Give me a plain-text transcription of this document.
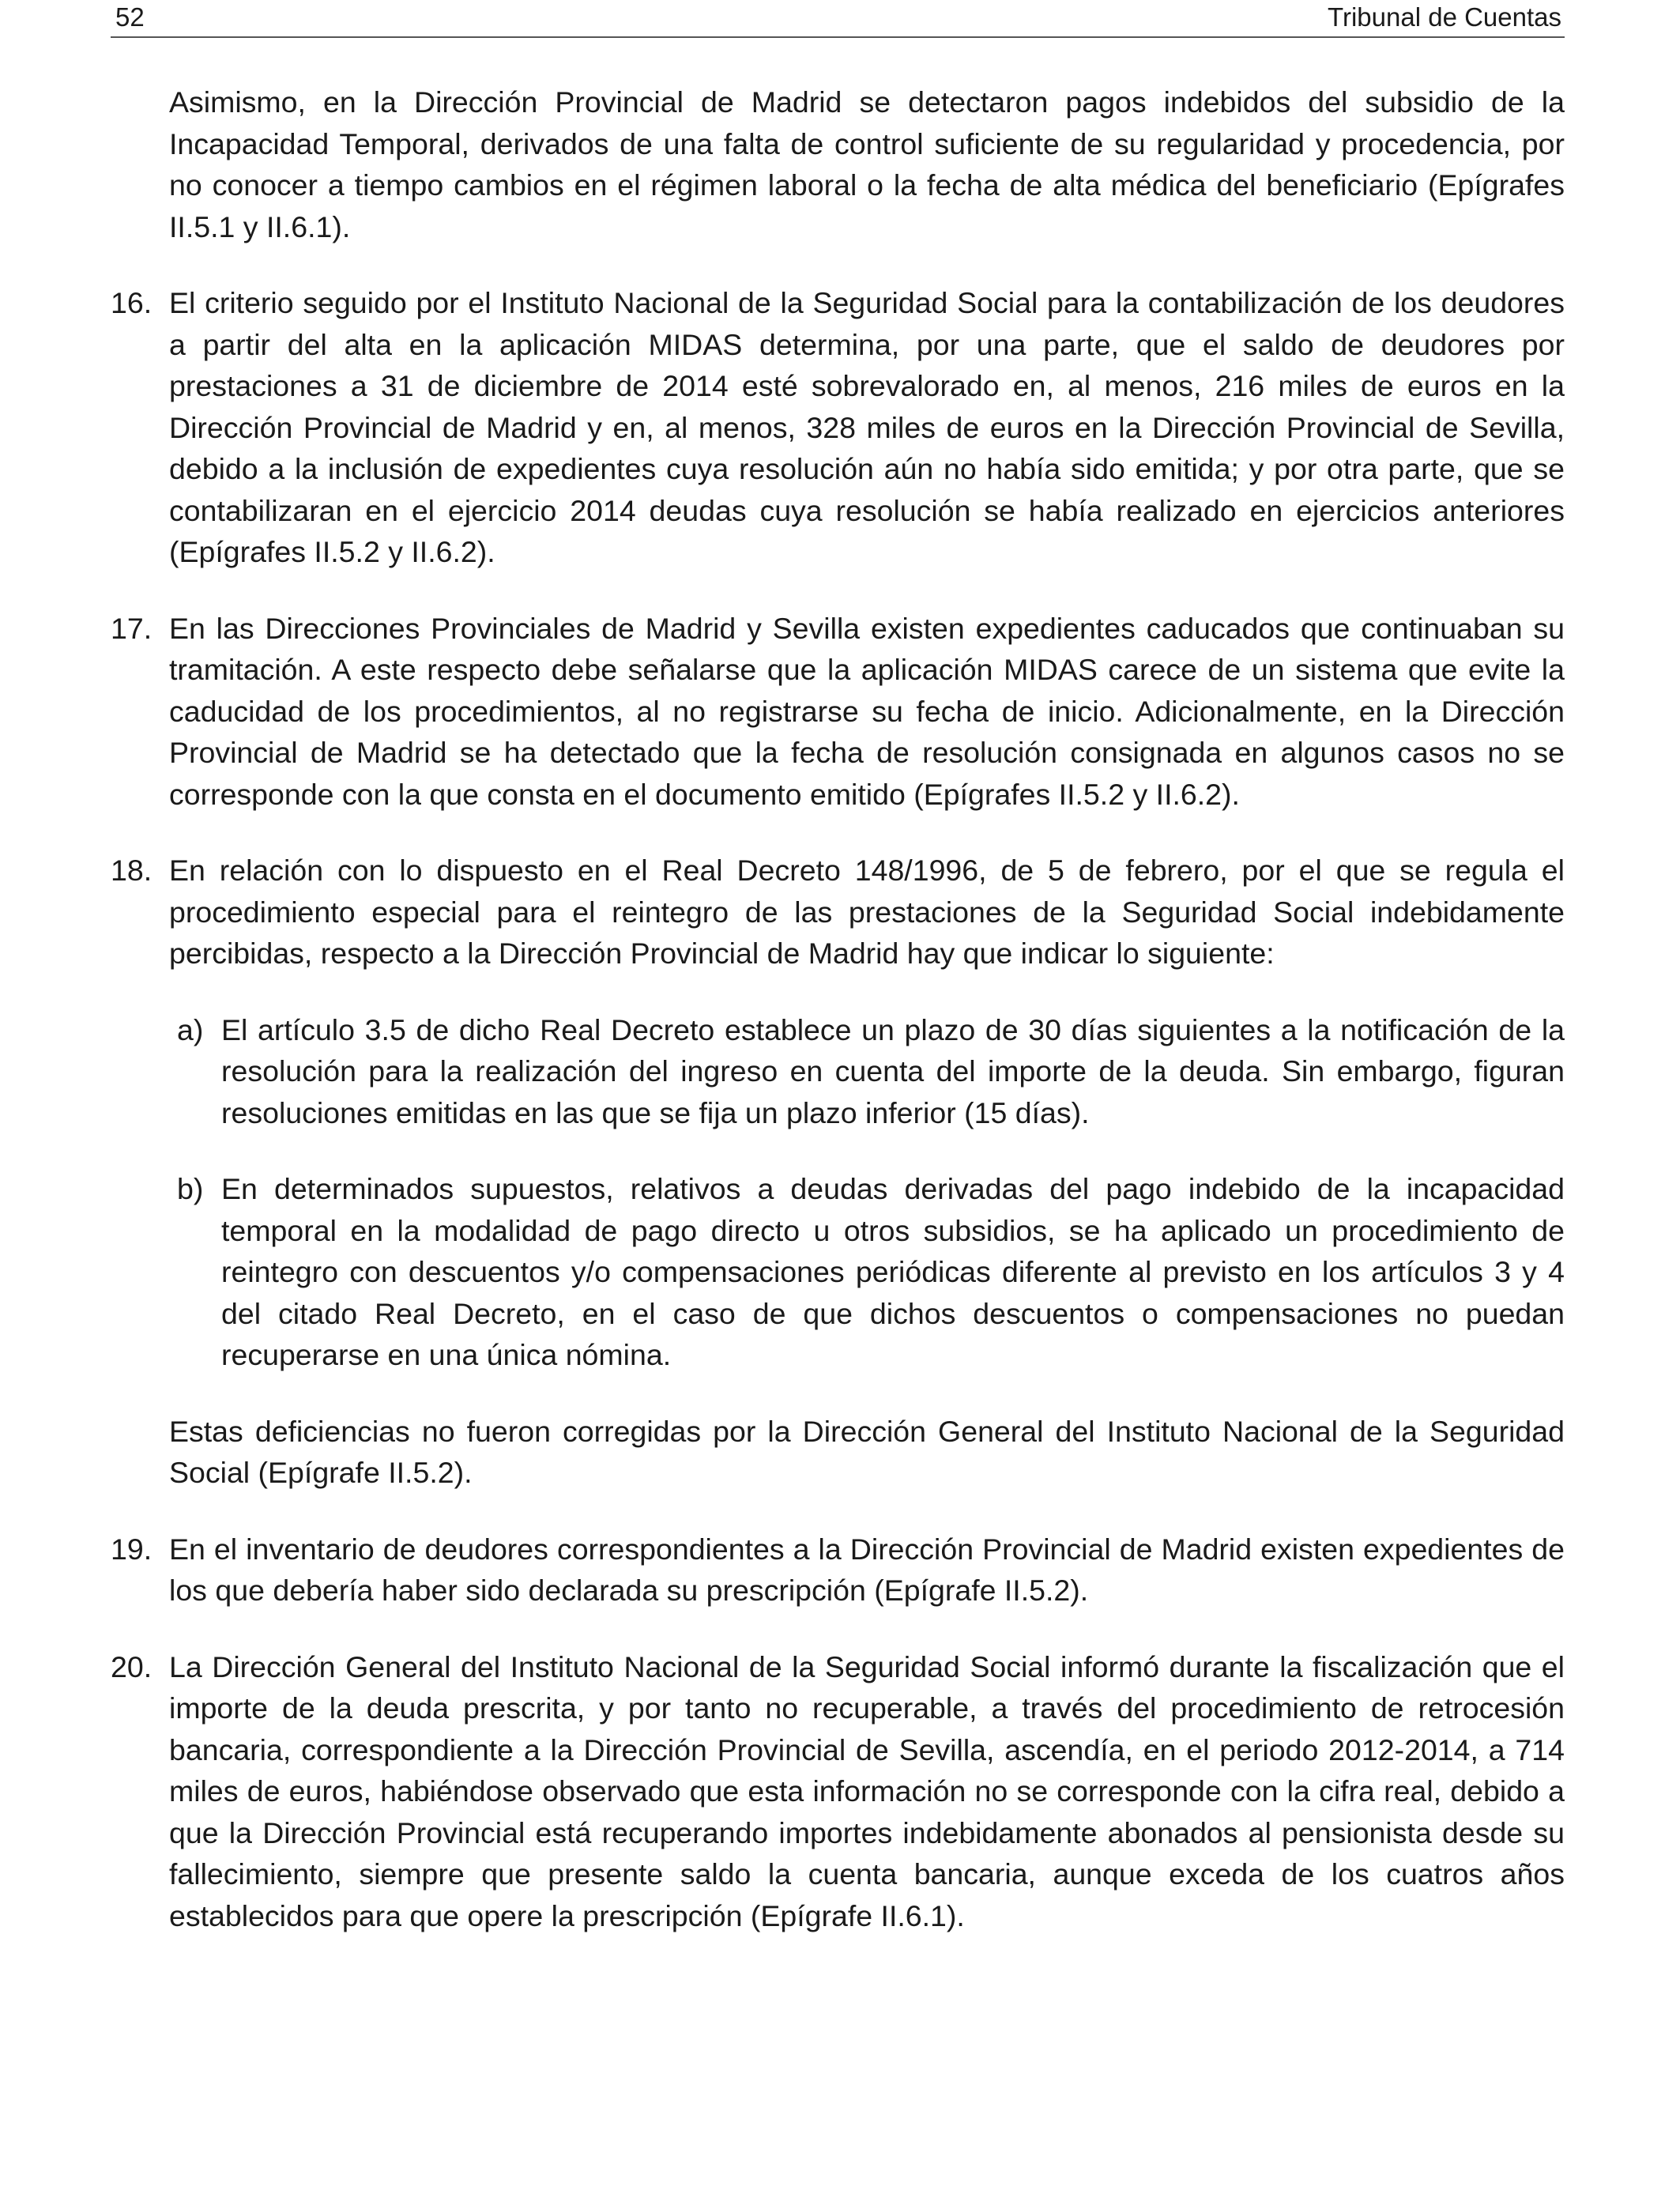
52	Tribunal de Cuentas

Asimismo, en la Dirección Provincial de Madrid se detectaron pagos indebidos del subsidio de la Incapacidad Temporal, derivados de una falta de control suficiente de su regularidad y procedencia, por no conocer a tiempo cambios en el régimen laboral o la fecha de alta médica del beneficiario (Epígrafes II.5.1 y II.6.1).

16. El criterio seguido por el Instituto Nacional de la Seguridad Social para la contabilización de los deudores a partir del alta en la aplicación MIDAS determina, por una parte, que el saldo de deudores por prestaciones a 31 de diciembre de 2014 esté sobrevalorado en, al menos, 216 miles de euros en la Dirección Provincial de Madrid y en, al menos, 328 miles de euros en la Dirección Provincial de Sevilla, debido a la inclusión de expedientes cuya resolución aún no había sido emitida; y por otra parte, que se contabilizaran en el ejercicio 2014 deudas cuya resolución se había realizado en ejercicios anteriores (Epígrafes II.5.2 y II.6.2).
17. En las Direcciones Provinciales de Madrid y Sevilla existen expedientes caducados que continuaban su tramitación. A este respecto debe señalarse que la aplicación MIDAS carece de un sistema que evite la caducidad de los procedimientos, al no registrarse su fecha de inicio. Adicionalmente, en la Dirección Provincial de Madrid se ha detectado que la fecha de resolución consignada en algunos casos no se corresponde con la que consta en el documento emitido (Epígrafes II.5.2 y II.6.2).
18. En relación con lo dispuesto en el Real Decreto 148/1996, de 5 de febrero, por el que se regula el procedimiento especial para el reintegro de las prestaciones de la Seguridad Social indebidamente percibidas, respecto a la Dirección Provincial de Madrid hay que indicar lo siguiente:
a) El artículo 3.5 de dicho Real Decreto establece un plazo de 30 días siguientes a la notificación de la resolución para la realización del ingreso en cuenta del importe de la deuda. Sin embargo, figuran resoluciones emitidas en las que se fija un plazo inferior (15 días).
b) En determinados supuestos, relativos a deudas derivadas del pago indebido de la incapacidad temporal en la modalidad de pago directo u otros subsidios, se ha aplicado un procedimiento de reintegro con descuentos y/o compensaciones periódicas diferente al previsto en los artículos 3 y 4 del citado Real Decreto, en el caso de que dichos descuentos o compensaciones no puedan recuperarse en una única nómina.

Estas deficiencias no fueron corregidas por la Dirección General del Instituto Nacional de la Seguridad Social (Epígrafe II.5.2).

19. En el inventario de deudores correspondientes a la Dirección Provincial de Madrid existen expedientes de los que debería haber sido declarada su prescripción (Epígrafe II.5.2).
20. La Dirección General del Instituto Nacional de la Seguridad Social informó durante la fiscalización que el importe de la deuda prescrita, y por tanto no recuperable, a través del procedimiento de retrocesión bancaria, correspondiente a la Dirección Provincial de Sevilla, ascendía, en el periodo 2012-2014, a 714 miles de euros, habiéndose observado que esta información no se corresponde con la cifra real, debido a que la Dirección Provincial está recuperando importes indebidamente abonados al pensionista desde su fallecimiento, siempre que presente saldo la cuenta bancaria, aunque exceda de los cuatros años establecidos para que opere la prescripción (Epígrafe II.6.1).
